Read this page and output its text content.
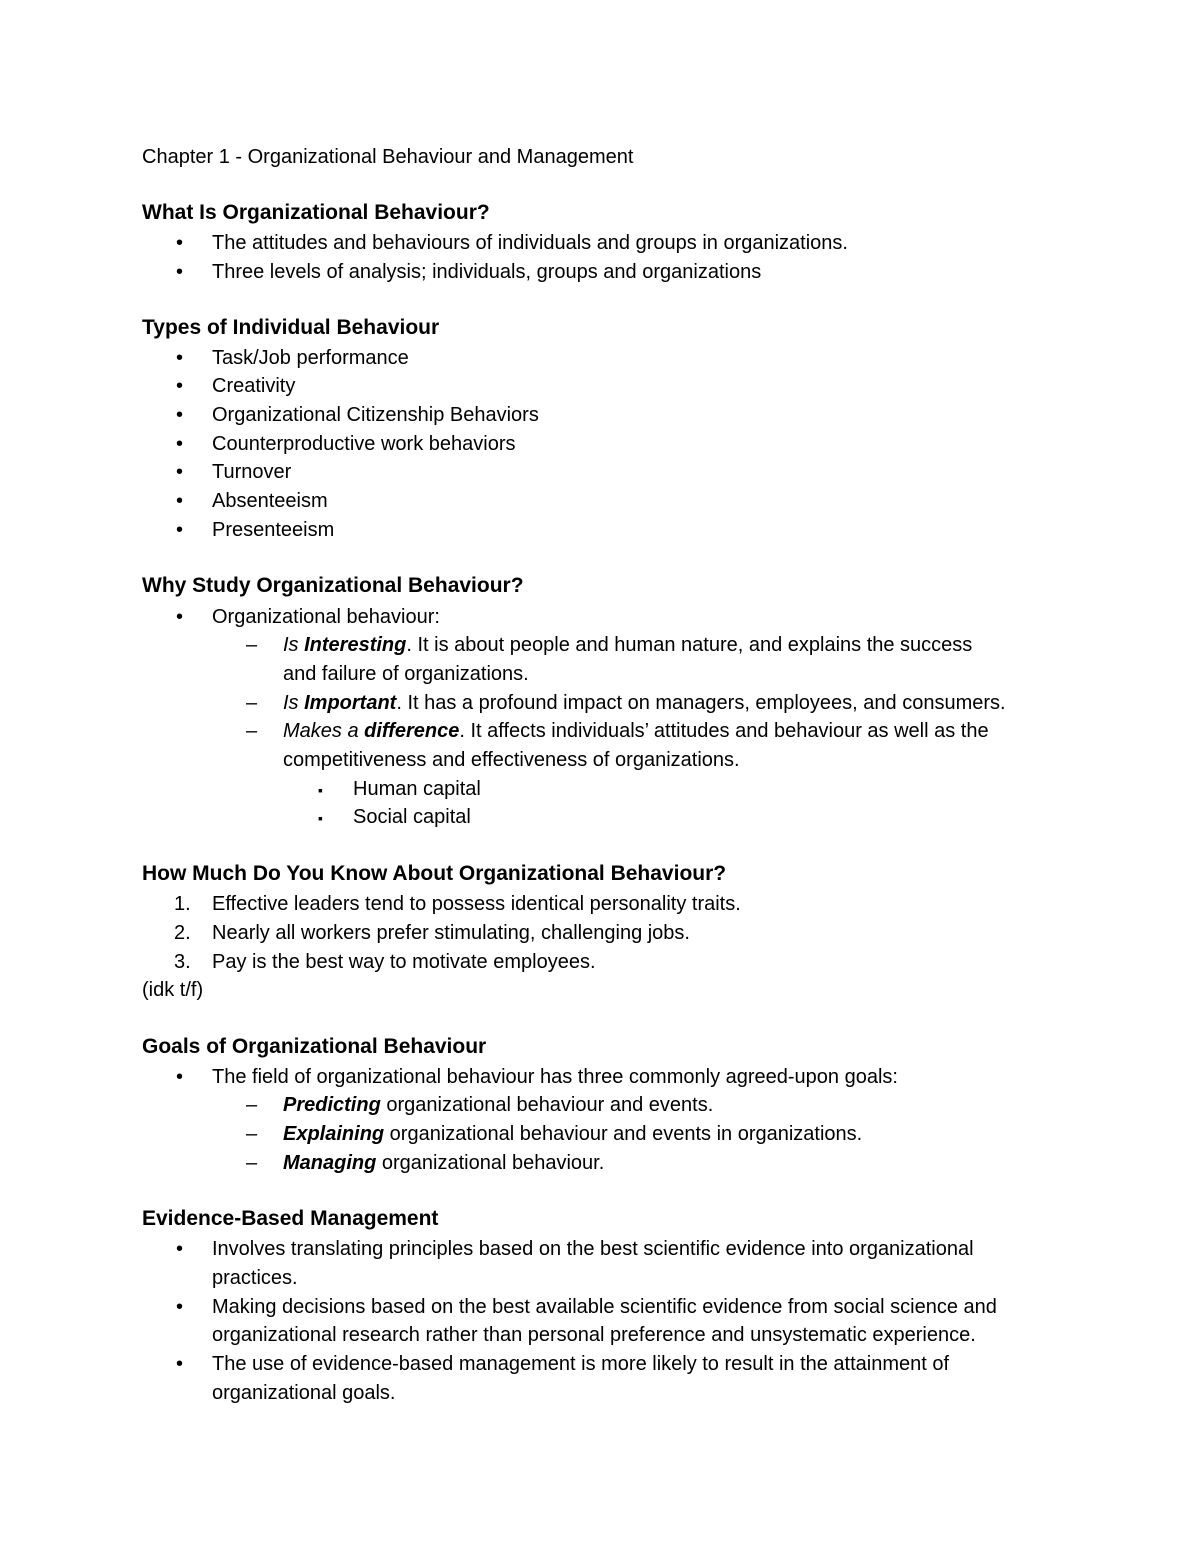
Chapter 1 - Organizational Behaviour and Management
What Is Organizational Behaviour?
• The attitudes and behaviours of individuals and groups in organizations.
• Three levels of analysis; individuals, groups and organizations
Types of Individual Behaviour
• Task/Job performance
• Creativity
• Organizational Citizenship Behaviors
• Counterproductive work behaviors
• Turnover
• Absenteeism
• Presenteeism
Why Study Organizational Behaviour?
• Organizational behaviour:
– Is Interesting. It is about people and human nature, and explains the success
and failure of organizations.
– Is Important. It has a profound impact on managers, employees, and consumers.
– Makes a difference. It affects individuals’ attitudes and behaviour as well as the
competitiveness and effectiveness of organizations.
▪ Human capital
▪ Social capital
How Much Do You Know About Organizational Behaviour?
1. Effective leaders tend to possess identical personality traits.
2. Nearly all workers prefer stimulating, challenging jobs.
3. Pay is the best way to motivate employees.
(idk t/f)
Goals of Organizational Behaviour
• The field of organizational behaviour has three commonly agreed-upon goals:
– Predicting organizational behaviour and events.
– Explaining organizational behaviour and events in organizations.
– Managing organizational behaviour.
Evidence-Based Management
• Involves translating principles based on the best scientific evidence into organizational
practices.
• Making decisions based on the best available scientific evidence from social science and
organizational research rather than personal preference and unsystematic experience.
• The use of evidence-based management is more likely to result in the attainment of
organizational goals.
